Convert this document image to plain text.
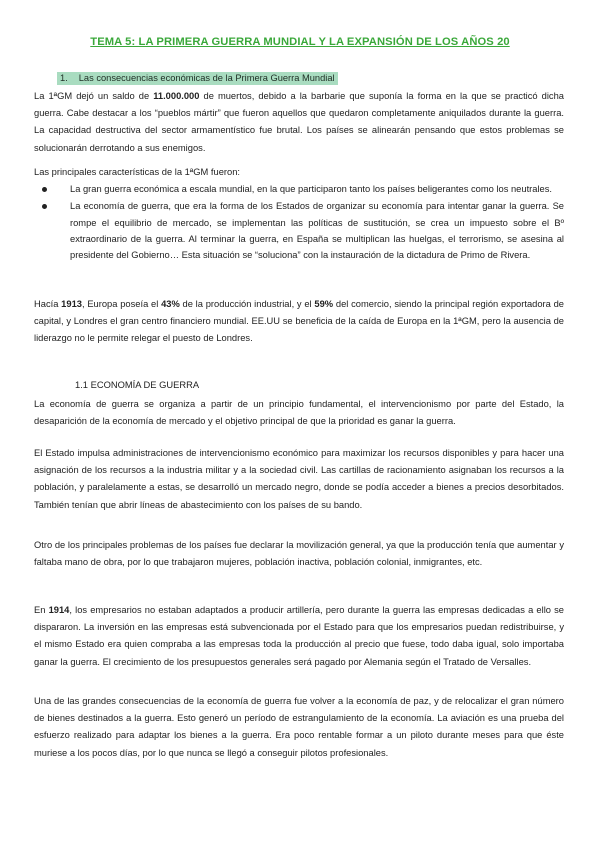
TEMA 5: LA PRIMERA GUERRA MUNDIAL Y LA EXPANSIÓN DE LOS AÑOS 20
1. Las consecuencias económicas de la Primera Guerra Mundial

La 1ªGM dejó un saldo de 11.000.000 de muertos, debido a la barbarie que suponía la forma en la que se practicó dicha guerra. Cabe destacar a los “pueblos mártir” que fueron aquellos que quedaron completamente aniquilados durante la guerra. La capacidad destructiva del sector armamentístico fue brutal. Los países se alinearán pensando que estos problemas se solucionarán derrotando a sus enemigos.

Las principales características de la 1ªGM fueron:

La gran guerra económica a escala mundial, en la que participaron tanto los países beligerantes como los neutrales.
La economía de guerra, que era la forma de los Estados de organizar su economía para intentar ganar la guerra. Se rompe el equilibrio de mercado, se implementan las políticas de sustitución, se crea un impuesto sobre el Bº extraordinario de la guerra. Al terminar la guerra, en España se multiplican las huelgas, el terrorismo, se asesina al presidente del Gobierno… Esta situación se “soluciona” con la instauración de la dictadura de Primo de Rivera.

Hacía 1913, Europa poseía el 43% de la producción industrial, y el 59% del comercio, siendo la principal región exportadora de capital, y Londres el gran centro financiero mundial. EE.UU se beneficia de la caída de Europa en la 1ªGM, pero la ausencia de liderazgo no le permite relegar el puesto de Londres.

1.1 ECONOMÍA DE GUERRA

La economía de guerra se organiza a partir de un principio fundamental, el intervencionismo por parte del Estado, la desaparición de la economía de mercado y el objetivo principal de que la prioridad es ganar la guerra.

El Estado impulsa administraciones de intervencionismo económico para maximizar los recursos disponibles y para hacer una asignación de los recursos a la industria militar y a la sociedad civil. Las cartillas de racionamiento asignaban los recursos a la población, y paralelamente a estas, se desarrolló un mercado negro, donde se podía acceder a bienes a precios desorbitados. También tenían que abrir líneas de abastecimiento con los países de su bando.

Otro de los principales problemas de los países fue declarar la movilización general, ya que la producción tenía que aumentar y faltaba mano de obra, por lo que trabajaron mujeres, población inactiva, población colonial, inmigrantes, etc.

En 1914, los empresarios no estaban adaptados a producir artillería, pero durante la guerra las empresas dedicadas a ello se dispararon. La inversión en las empresas está subvencionada por el Estado para que los empresarios puedan redistribuirse, y el mismo Estado era quien compraba a las empresas toda la producción al precio que fuese, todo daba igual, solo importaba ganar la guerra. El crecimiento de los presupuestos generales será pagado por Alemania según el Tratado de Versalles.

Una de las grandes consecuencias de la economía de guerra fue volver a la economía de paz, y de relocalizar el gran número de bienes destinados a la guerra. Esto generó un período de estrangulamiento de la economía. La aviación es una prueba del esfuerzo realizado para adaptar los bienes a la guerra. Era poco rentable formar a un piloto durante meses para que éste muriese a los pocos días, por lo que nunca se llegó a conseguir pilotos profesionales.
